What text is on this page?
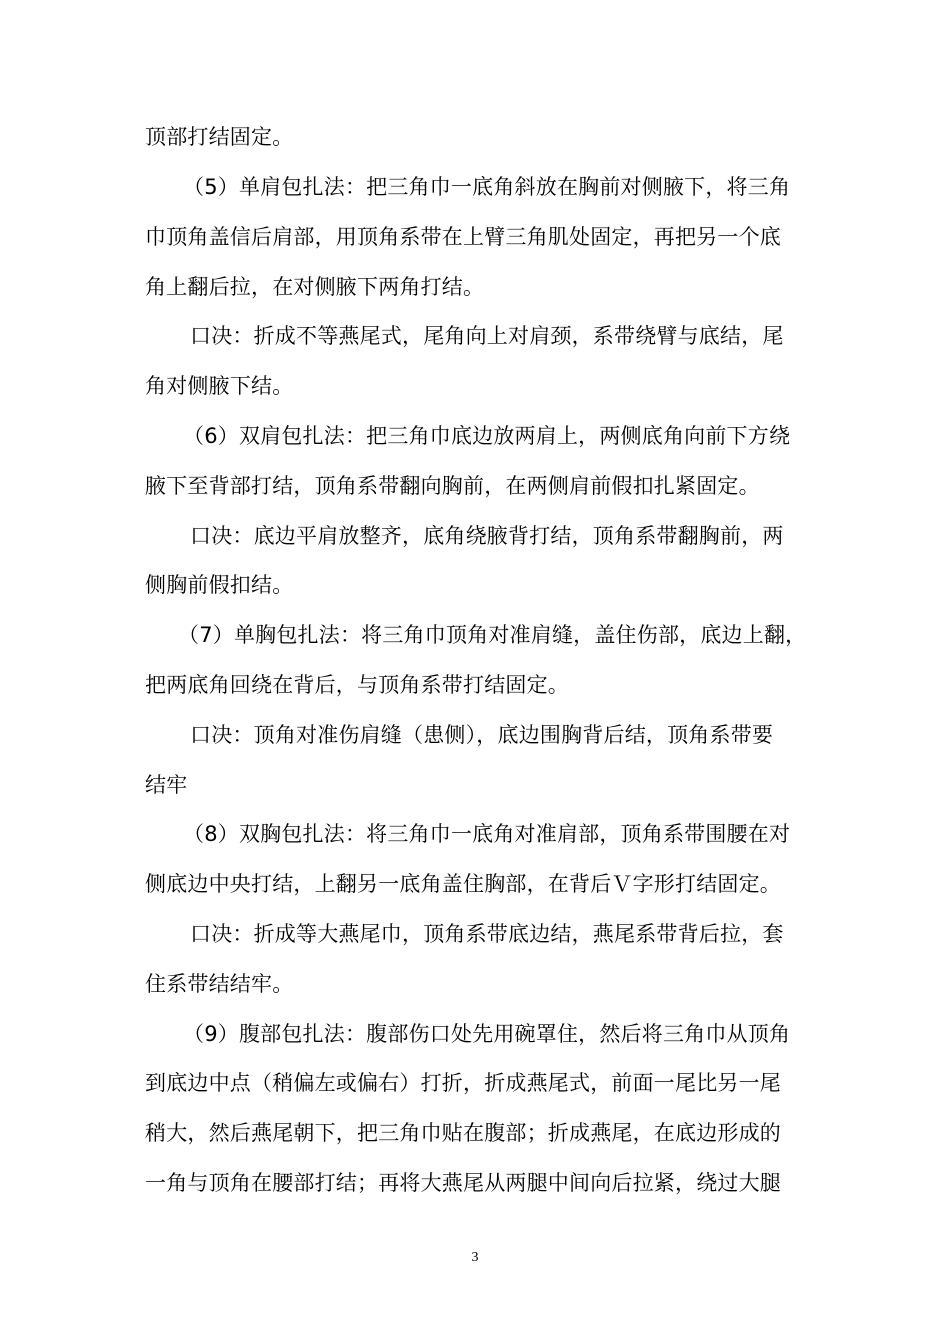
顶部打结固定。
（5）单肩包扎法：把三角巾一底角斜放在胸前对侧腋下，将三角
巾顶角盖信后肩部，用顶角系带在上臂三角肌处固定，再把另一个底
角上翻后拉，在对侧腋下两角打结。
口决：折成不等燕尾式，尾角向上对肩颈，系带绕臂与底结，尾
角对侧腋下结。
（6）双肩包扎法：把三角巾底边放两肩上，两侧底角向前下方绕
腋下至背部打结，顶角系带翻向胸前，在两侧肩前假扣扎紧固定。
口决：底边平肩放整齐，底角绕腋背打结，顶角系带翻胸前，两
侧胸前假扣结。
（7）单胸包扎法：将三角巾顶角对准肩缝，盖住伤部，底边上翻，
把两底角回绕在背后，与顶角系带打结固定。
口决：顶角对准伤肩缝（患侧），底边围胸背后结，顶角系带要
结牢
（8）双胸包扎法：将三角巾一底角对准肩部，顶角系带围腰在对
侧底边中央打结，上翻另一底角盖住胸部，在背后Ｖ字形打结固定。
口决：折成等大燕尾巾，顶角系带底边结，燕尾系带背后拉，套
住系带结结牢。
（9）腹部包扎法：腹部伤口处先用碗罩住，然后将三角巾从顶角
到底边中点（稍偏左或偏右）打折，折成燕尾式，前面一尾比另一尾
稍大，然后燕尾朝下，把三角巾贴在腹部；折成燕尾，在底边形成的
一角与顶角在腰部打结；再将大燕尾从两腿中间向后拉紧，绕过大腿
3
